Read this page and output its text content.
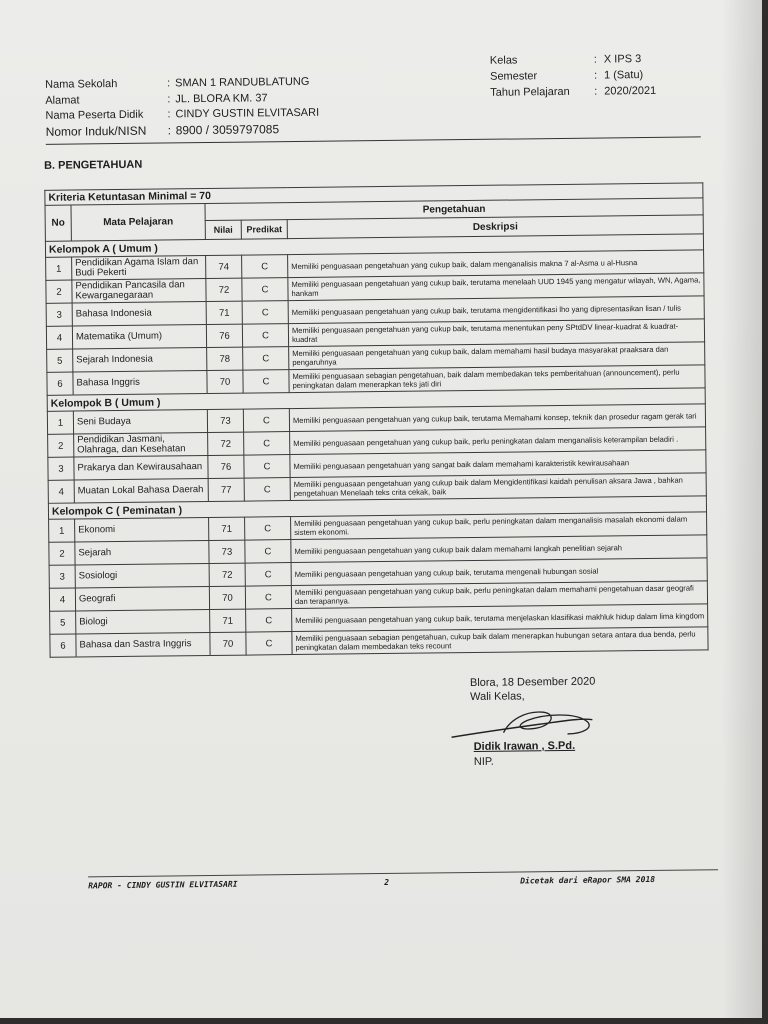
Nama Sekolah	: SMAN 1 RANDUBLATUNG
Alamat	: JL. BLORA KM. 37
Nama Peserta Didik : CINDY GUSTIN ELVITASARI
Nomor Induk/NISN : 8900 / 3059797085
Kelas	: X IPS 3
Semester	: 1 (Satu)
Tahun Pelajaran : 2020/2021
B. PENGETAHUAN
Kriteria Ketuntasan Minimal = 70				
No	Mata Pelajaran	Pengetahuan		
		Nilai	Predikat	Deskripsi
Kelompok A ( Umum )				
1	Pendidikan Agama Islam dan Budi Pekerti	74	C	Memiliki penguasaan pengetahuan yang cukup baik, dalam menganalisis makna 7 al-Asma u al-Husna
2	Pendidikan Pancasila dan Kewarganegaraan	72	C	Memiliki penguasaan pengetahuan yang cukup baik, terutama menelaah UUD 1945 yang mengatur wilayah, WN, Agama, hankam
3	Bahasa Indonesia	71	C	Memiliki penguasaan pengetahuan yang cukup baik, terutama mengidentifikasi lho yang dipresentasikan lisan / tulis
4	Matematika (Umum)	76	C	Memiliki penguasaan pengetahuan yang cukup baik, terutama menentukan peny SPtdDV linear-kuadrat & kuadrat-kuadrat
5	Sejarah Indonesia	78	C	Memiliki penguasaan pengetahuan yang cukup baik, dalam memahami hasil budaya masyarakat praaksara dan pengaruhnya
6	Bahasa Inggris	70	C	Memiliki penguasaan sebagian pengetahuan, baik dalam membedakan teks pemberitahuan (announcement), perlu peningkatan dalam menerapkan teks jati diri
Kelompok B ( Umum )				
1	Seni Budaya	73	C	Memiliki penguasaan pengetahuan yang cukup baik, terutama Memahami konsep, teknik dan prosedur ragam gerak tari
2	Pendidikan Jasmani, Olahraga, dan Kesehatan	72	C	Memiliki penguasaan pengetahuan yang cukup baik, perlu peningkatan dalam menganalisis keterampilan beladiri .
3	Prakarya dan Kewirausahaan	76	C	Memiliki penguasaan pengetahuan yang sangat baik dalam memahami karakteristik kewirausahaan
4	Muatan Lokal Bahasa Daerah	77	C	Memiliki penguasaan pengetahuan yang cukup baik dalam Mengidentifikasi kaidah penulisan aksara Jawa , bahkan pengetahuan Menelaah teks crita cekak, baik
Kelompok C ( Peminatan )				
1	Ekonomi	71	C	Memiliki penguasaan pengetahuan yang cukup baik, perlu peningkatan dalam menganalisis masalah ekonomi dalam sistem ekonomi.
2	Sejarah	73	C	Memiliki penguasaan pengetahuan yang cukup baik dalam memahami langkah penelitian sejarah
3	Sosiologi	72	C	Memiliki penguasaan pengetahuan yang cukup baik, terutama mengenali hubungan sosial
4	Geografi	70	C	Memiliki penguasaan pengetahuan yang cukup baik, perlu peningkatan dalam memahami pengetahuan dasar geografi dan terapannya.
5	Biologi	71	C	Memiliki penguasaan pengetahuan yang cukup baik, terutama menjelaskan klasifikasi makhluk hidup dalam lima kingdom
6	Bahasa dan Sastra Inggris	70	C	Memiliki penguasaan sebagian pengetahuan, cukup baik dalam menerapkan hubungan setara antara dua benda, perlu peningkatan dalam membedakan teks recount
Blora, 18 Desember 2020
Wali Kelas,
Didik Irawan , S.Pd.
NIP.
RAPOR - CINDY GUSTIN ELVITASARI	2	Dicetak dari eRapor SMA 2018
